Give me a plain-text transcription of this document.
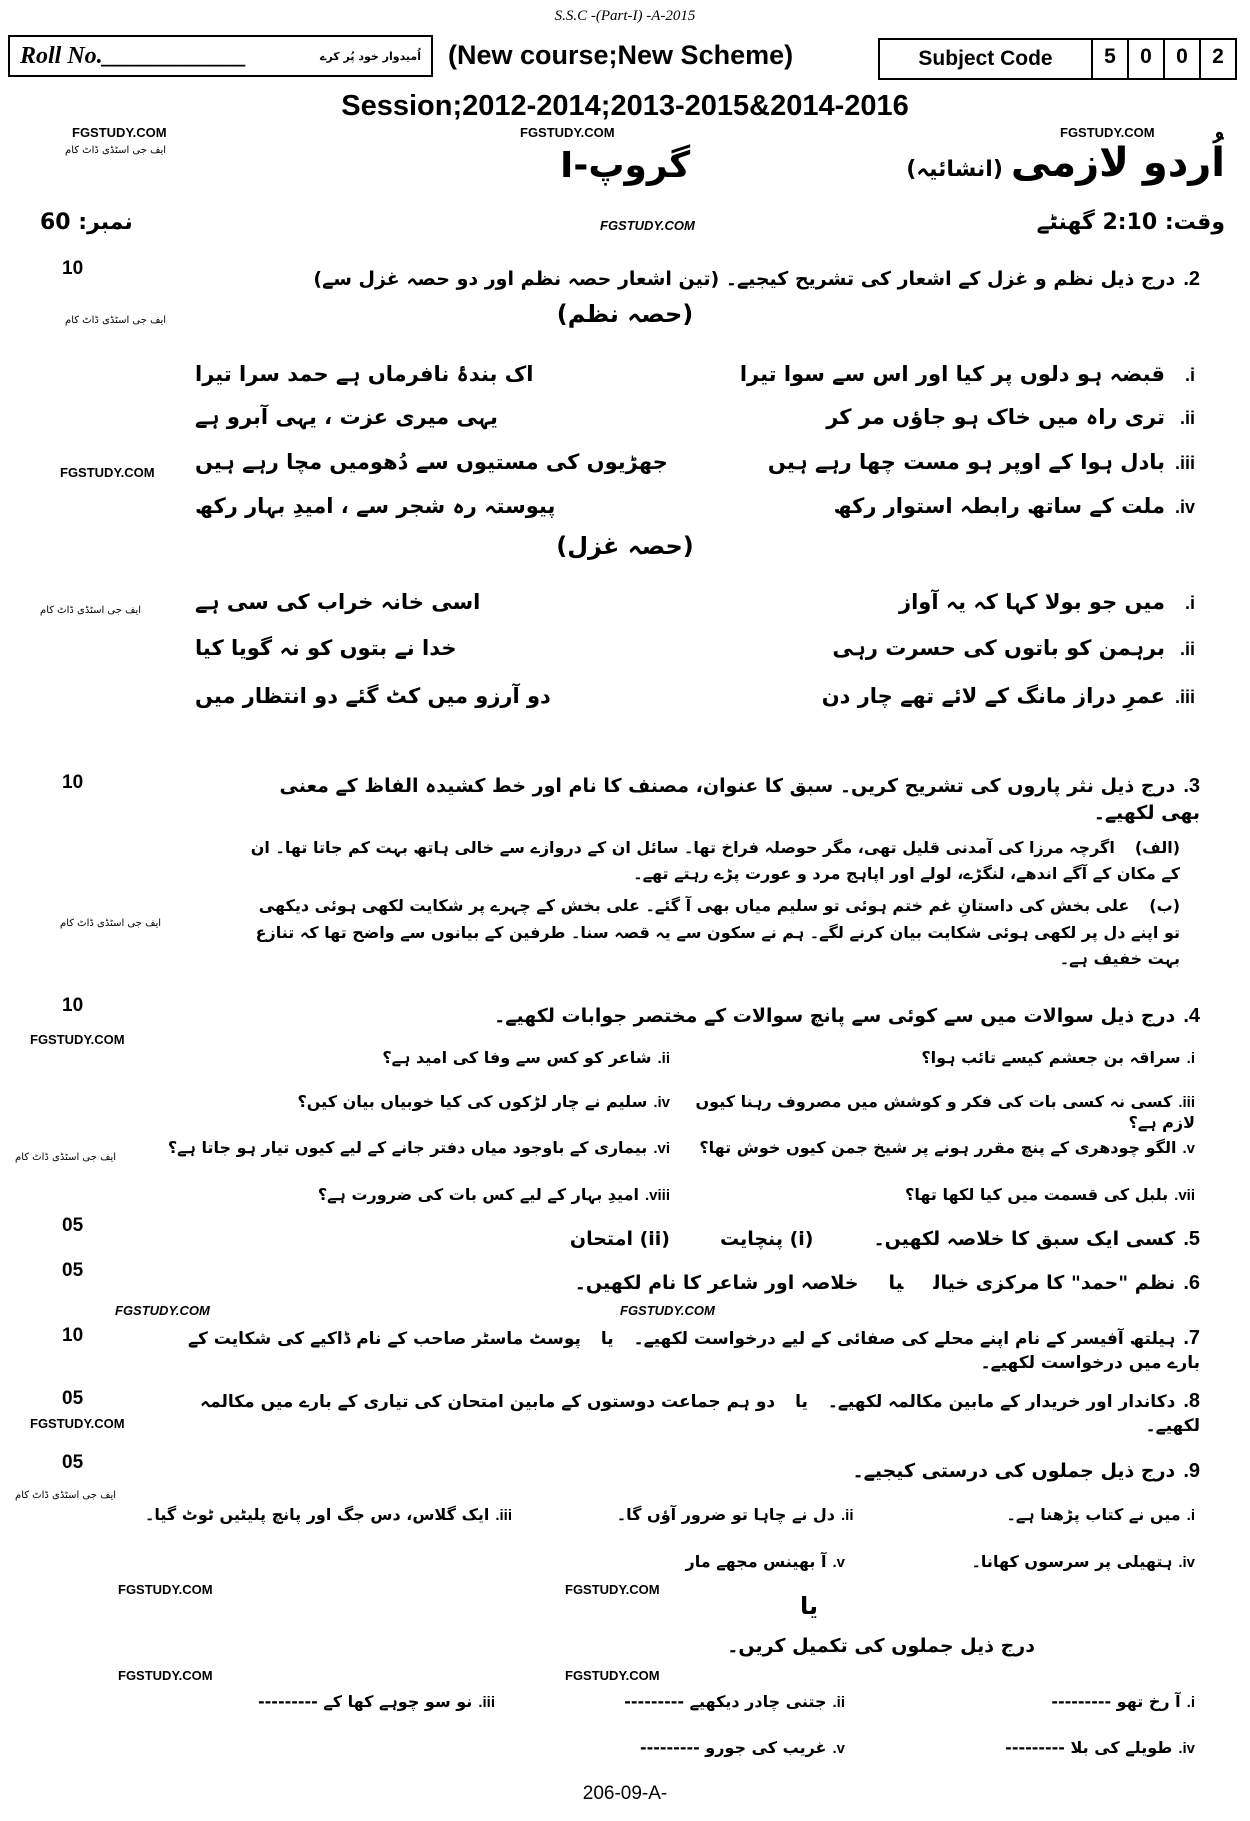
S.S.C -(Part-I) -A-2015
Roll No.____________	اُمیدوار خود پُر کرے (New course;New Scheme)	Subject Code	5	0	0	2
Session;2012-2014;2013-2015&2014-2016
FGSTUDY.COM
ایف جی اسٹڈی ڈاٹ کام
FGSTUDY.COM	FGSTUDY.COM
گروپ-I	اُردو لازمی
(انشائیہ)
نمبر: 60	FGSTUDY.COM	وقت: 2:10 گھنٹے
10	2.درج ذیل نظم و غزل کے اشعار کی تشریح کیجیے۔ (تین اشعار حصہ نظم اور دو حصہ غزل سے)
ایف جی اسٹڈی ڈاٹ کام	(حصہ نظم)
FGSTUDY.COM
i.
قبضہ ہو دلوں پر کیا اور اس سے سوا تیرا
اک بندۂ نافرماں ہے حمد سرا تیرا
ii.
تری راہ میں خاک ہو جاؤں مر کر
یہی میری عزت ، یہی آبرو ہے
iii.
بادل ہوا کے اوپر ہو مست چھا رہے ہیں
جھڑیوں کی مستیوں سے دُھومیں مچا رہے ہیں
iv.
ملت کے ساتھ رابطہ استوار رکھ
پیوستہ رہ شجر سے ، امیدِ بہار رکھ
(حصہ غزل)
ایف جی اسٹڈی ڈاٹ کام	i.
میں جو بولا کہا کہ یہ آواز
اسی خانہ خراب کی سی ہے
ii.
برہمن کو باتوں کی حسرت رہی
خدا نے بتوں کو نہ گویا کیا
iii.
عمرِ دراز مانگ کے لائے تھے چار دن
دو آرزو میں کٹ گئے دو انتظار میں
10
ایف جی اسٹڈی ڈاٹ کام
3.درج ذیل نثر پاروں کی تشریح کریں۔ سبق کا عنوان، مصنف کا نام اور خط کشیدہ الفاظ کے معنی بھی لکھیے۔
(الف)اگرچہ مرزا کی آمدنی قلیل تھی، مگر حوصلہ فراخ تھا۔ سائل ان کے دروازے سے خالی ہاتھ بہت کم جاتا تھا۔ ان کے مکان کے آگے اندھے، لنگڑے، لولے اور اپاہج مرد و عورت پڑے رہتے تھے۔
(ب)علی بخش کی داستانِ غم ختم ہوئی تو سلیم میاں بھی آ گئے۔ علی بخش کے چہرے پر شکایت لکھی ہوئی دیکھی تو اپنے دل پر لکھی ہوئی شکایت بیان کرنے لگے۔ ہم نے سکون سے یہ قصہ سنا۔ طرفین کے بیانوں سے واضح تھا کہ تنازع بہت خفیف ہے۔
10
FGSTUDY.COM
4.درج ذیل سوالات میں سے کوئی سے پانچ سوالات کے مختصر جوابات لکھیے۔
i.سراقہ بن جعشم کیسے تائب ہوا؟
ii.شاعر کو کس سے وفا کی امید ہے؟
iii.کسی نہ کسی بات کی فکر و کوشش میں مصروف رہنا کیوں لازم ہے؟
iv.سلیم نے چار لڑکوں کی کیا خوبیاں بیان کیں؟
ایف جی اسٹڈی ڈاٹ کام
v.الگو چودھری کے پنچ مقرر ہونے پر شیخ جمن کیوں خوش تھا؟
vi.بیماری کے باوجود میاں دفتر جانے کے لیے کیوں تیار ہو جاتا ہے؟
vii.بلبل کی قسمت میں کیا لکھا تھا؟
viii.امیدِ بہار کے لیے کس بات کی ضرورت ہے؟
05
5.کسی ایک سبق کا خلاصہ لکھیں۔(i) پنچایت(ii) امتحان
05
FGSTUDY.COM	FGSTUDY.COM
6.نظم "حمد" کا مرکزی خیالیاخلاصہ اور شاعر کا نام لکھیں۔
10	7.ہیلتھ آفیسر کے نام اپنے محلے کی صفائی کے لیے درخواست لکھیے۔یاپوسٹ ماسٹر صاحب کے نام ڈاکیے کی شکایت کے بارے میں درخواست لکھیے۔
05
FGSTUDY.COM
8.دکاندار اور خریدار کے مابین مکالمہ لکھیے۔یادو ہم جماعت دوستوں کے مابین امتحان کی تیاری کے بارے میں مکالمہ لکھیے۔
05	9.درج ذیل جملوں کی درستی کیجیے۔
ایف جی اسٹڈی ڈاٹ کام
i.میں نے کتاب پڑھنا ہے۔
ii.دل نے چاہا تو ضرور آؤں گا۔
iii.ایک گلاس، دس جگ اور پانچ پلیٹیں ٹوٹ گیا۔
iv.ہتھیلی پر سرسوں کھانا۔
v.آ بھینس مجھے مار
FGSTUDY.COM	FGSTUDY.COM
یا
درج ذیل جملوں کی تکمیل کریں۔
FGSTUDY.COM	FGSTUDY.COM
i.آ رخ تھو ---------
ii.جتنی چادر دیکھیے ---------
iii.نو سو چوہے کھا کے ---------
iv.طویلے کی بلا ---------
v.غریب کی جورو ---------
206-09-A-
